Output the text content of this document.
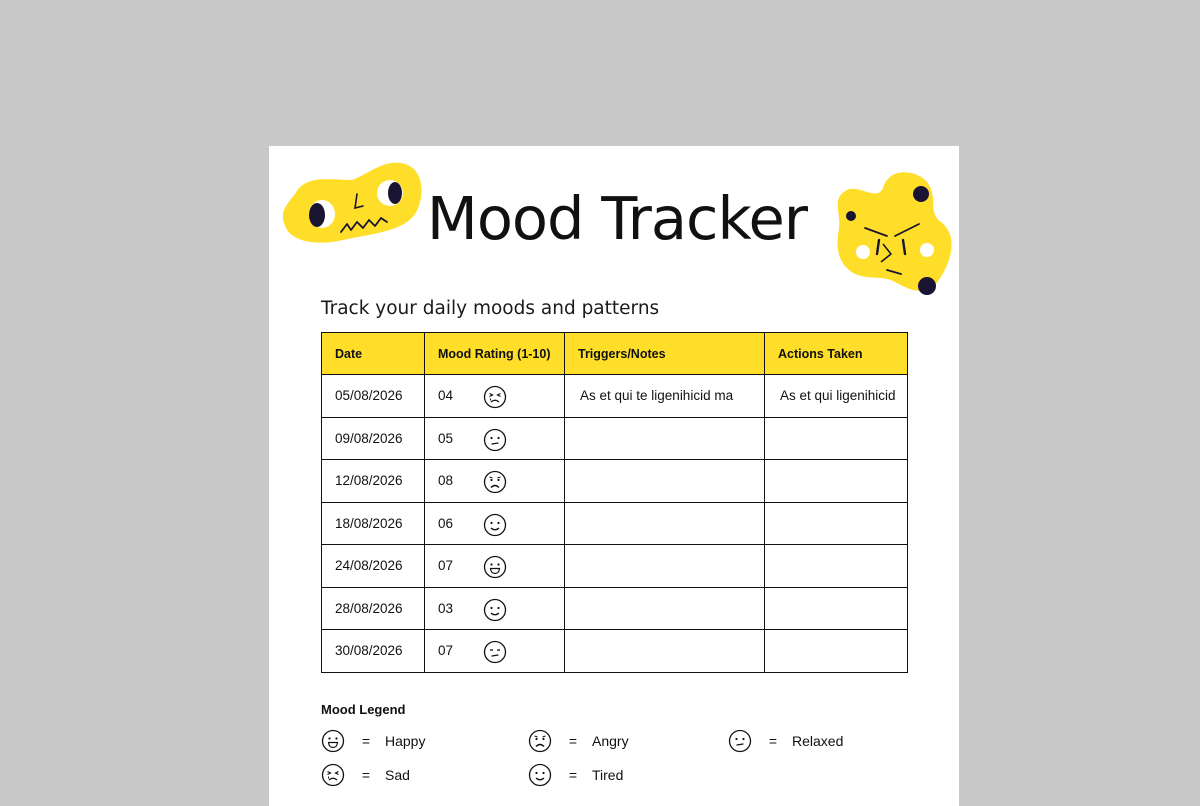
Mood Tracker

Track your daily moods and patterns

Date	Mood Rating (1-10)	Triggers/Notes	Actions Taken
05/08/2026	04	As et qui te ligenihicid ma	As et qui ligenihicid
09/08/2026	05

12/08/2026	08

18/08/2026	06

24/08/2026	07

28/08/2026	03

30/08/2026	07

Mood Legend

=	Happy	=	Angry	=	Relaxed
=	Sad	=	Tired
